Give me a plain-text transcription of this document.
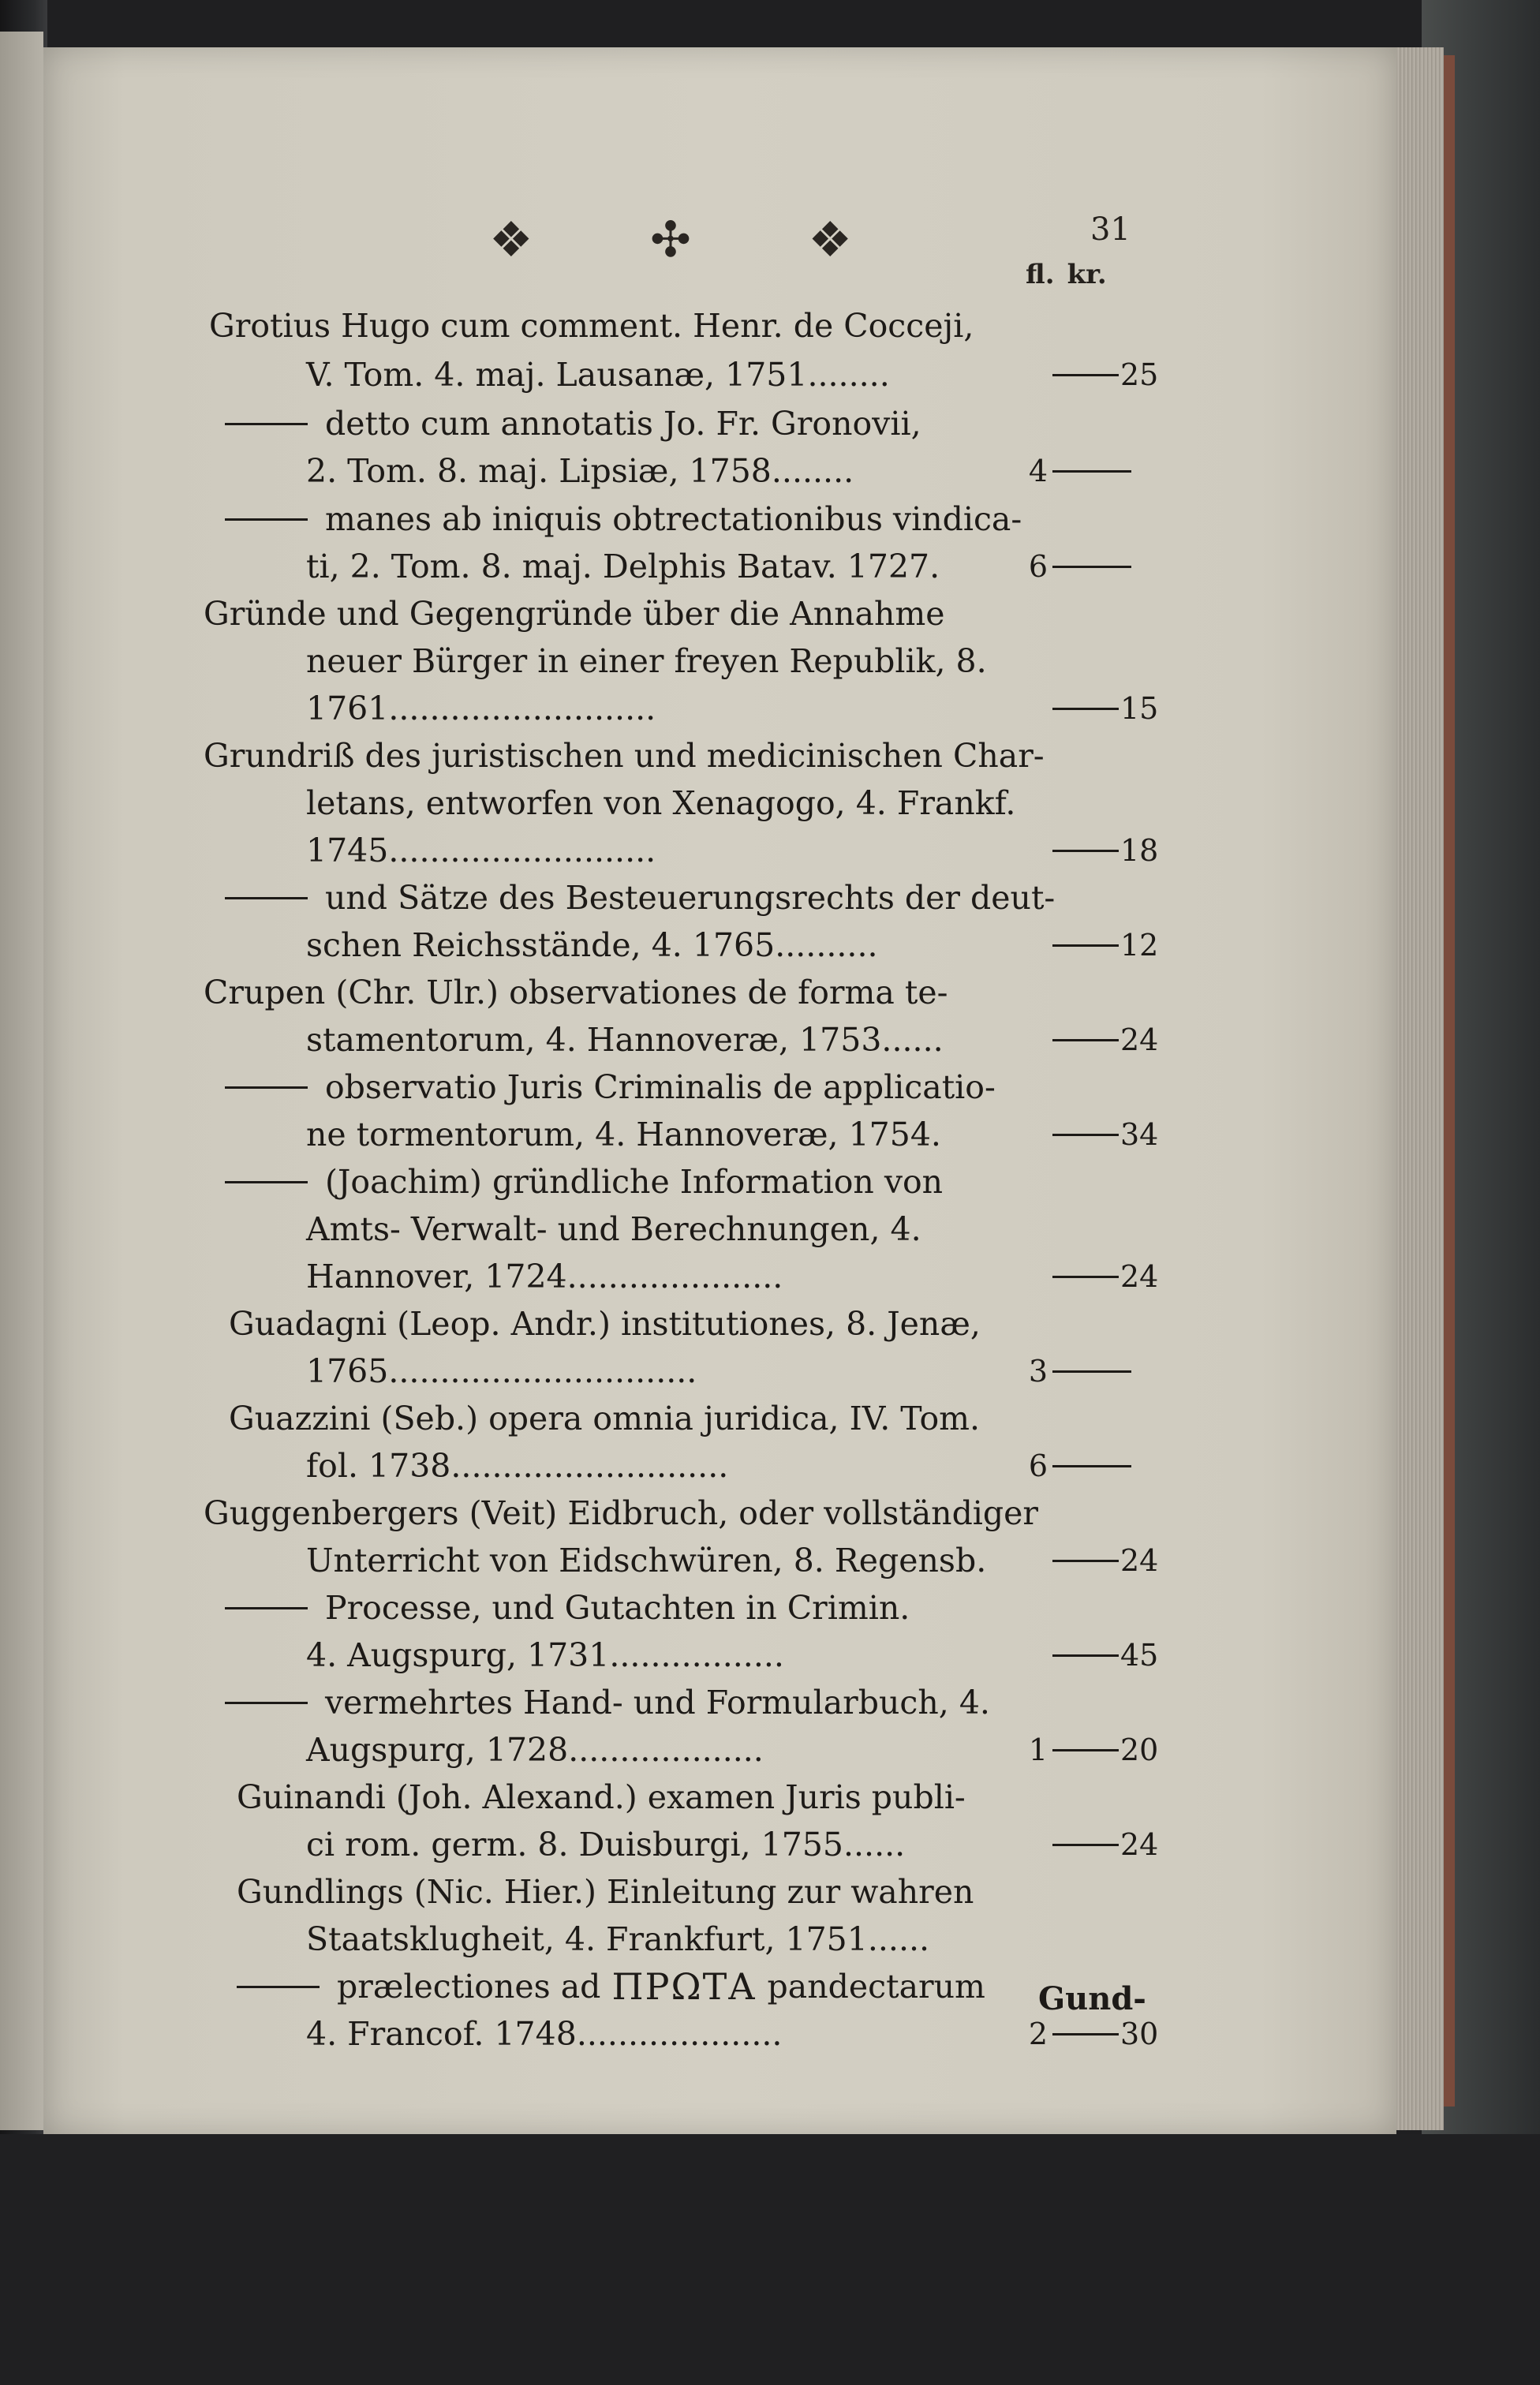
❖ ✣ ❖	31
fl. kr.
Grotius Hugo cum comment. Henr. de Cocceji,
V. Tom. 4. maj. Lausanæ, 1751........
detto cum annotatis Jo. Fr. Gronovii,
2. Tom. 8. maj. Lipsiæ, 1758........
manes ab iniquis obtrectationibus vindica-
ti, 2. Tom. 8. maj. Delphis Batav. 1727.
Gründe und Gegengründe über die Annahme
neuer Bürger in einer freyen Republik, 8.
1761..........................
Grundriß des juristischen und medicinischen Char-
letans, entworfen von Xenagogo, 4. Frankf.
1745..........................
und Sätze des Besteuerungsrechts der deut-
schen Reichsstände, 4. 1765..........
Crupen (Chr. Ulr.) observationes de forma te-
stamentorum, 4. Hannoveræ, 1753......
observatio Juris Criminalis de applicatio-
ne tormentorum, 4. Hannoveræ, 1754.
(Joachim) gründliche Information von
Amts- Verwalt- und Berechnungen, 4.
Hannover, 1724.....................
Guadagni (Leop. Andr.) institutiones, 8. Jenæ,
1765..............................
Guazzini (Seb.) opera omnia juridica, IV. Tom.
fol. 1738...........................
Guggenbergers (Veit) Eidbruch, oder vollständiger
Unterricht von Eidschwüren, 8. Regensb.
Processe, und Gutachten in Crimin.
4. Augspurg, 1731.................
vermehrtes Hand- und Formularbuch, 4.
Augspurg, 1728...................
Guinandi (Joh. Alexand.) examen Juris publi-
ci rom. germ. 8. Duisburgi, 1755......
Gundlings (Nic. Hier.) Einleitung zur wahren
Staatsklugheit, 4. Frankfurt, 1751......
prælectiones ad ΠΡΩΤΑ pandectarum
4. Francof. 1748....................
25
4
6
15
18
12
24
34
24
3
6
24
45
1 20
24
2 30
Gund-
